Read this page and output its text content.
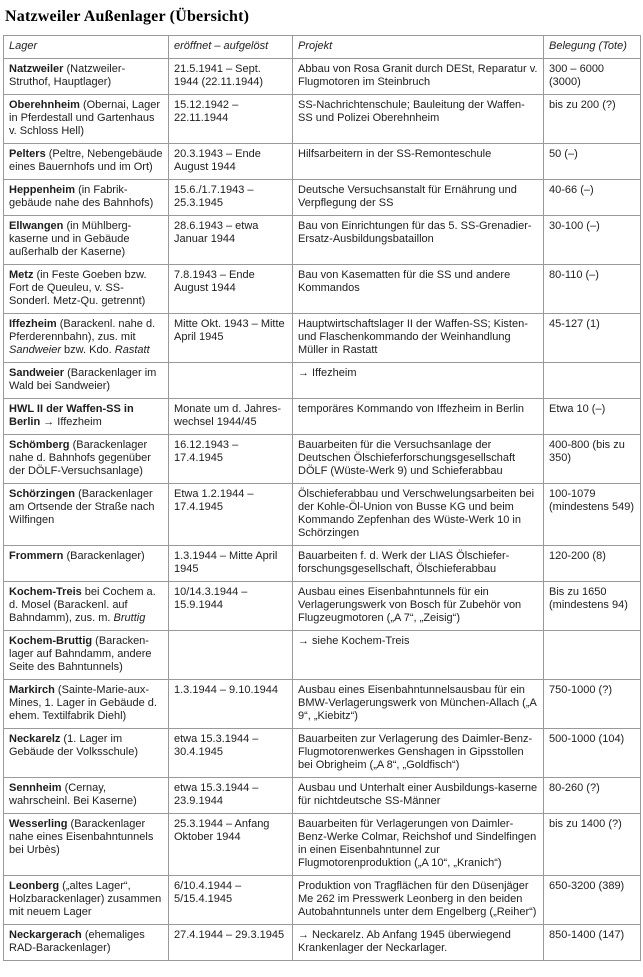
Natzweiler Außenlager (Übersicht)
Lager	eröffnet – aufgelöst	Projekt	Belegung (Tote)
Natzweiler (Natzweiler-Struthof, Hauptlager)	21.5.1941 – Sept. 1944 (22.11.1944)	Abbau von Rosa Granit durch DESt, Reparatur v. Flugmotoren im Steinbruch	300 – 6000 (3000)
Oberehnheim (Obernai, Lager in Pferdestall und Gartenhaus v. Schloss Hell)	15.12.1942 – 22.11.1944	SS-Nachrichtenschule; Bauleitung der Waffen-SS und Polizei Oberehnheim	bis zu 200 (?)
Pelters (Peltre, Nebengebäude eines Bauernhofs und im Ort)	20.3.1943 – Ende August 1944	Hilfsarbeitern in der SS-Remonteschule	50 (–)
Heppenheim (in Fabrik-gebäude nahe des Bahnhofs)	15.6./1.7.1943 – 25.3.1945	Deutsche Versuchsanstalt für Ernährung und Verpflegung der SS	40-66 (–)
Ellwangen (in Mühlberg-kaserne und in Gebäude außerhalb der Kaserne)	28.6.1943 – etwa Januar 1944	Bau von Einrichtungen für das 5. SS-Grenadier-Ersatz-Ausbildungsbataillon	30-100 (–)
Metz (in Feste Goeben bzw. Fort de Queuleu, v. SS-Sonderl. Metz-Qu. getrennt)	7.8.1943 – Ende August 1944	Bau von Kasematten für die SS und andere Kommandos	80-110 (–)
Iffezheim (Barackenl. nahe d. Pferderennbahn), zus. mit Sandweier bzw. Kdo. Rastatt	Mitte Okt. 1943 – Mitte April 1945	Hauptwirtschaftslager II der Waffen-SS; Kisten- und Flaschenkommando der Weinhandlung Müller in Rastatt	45-127 (1)
Sandweier (Barackenlager im Wald bei Sandweier)		→ Iffezheim	
HWL II der Waffen-SS in Berlin → Iffezheim	Monate um d. Jahres-wechsel 1944/45	temporäres Kommando von Iffezheim in Berlin	Etwa 10 (–)
Schömberg (Barackenlager nahe d. Bahnhofs gegenüber der DÖLF-Versuchsanlage)	16.12.1943 – 17.4.1945	Bauarbeiten für die Versuchsanlage der Deutschen Ölschieferforschungsgesellschaft DÖLF (Wüste-Werk 9) und Schieferabbau	400-800 (bis zu 350)
Schörzingen (Barackenlager am Ortsende der Straße nach Wilfingen	Etwa 1.2.1944 – 17.4.1945	Ölschieferabbau und Verschwelungsarbeiten bei der Kohle-Öl-Union von Busse KG und beim Kommando Zepfenhan des Wüste-Werk 10 in Schörzingen	100-1079 (mindestens 549)
Frommern (Barackenlager)	1.3.1944 – Mitte April 1945	Bauarbeiten f. d. Werk der LIAS Ölschiefer-forschungsgesellschaft, Ölschieferabbau	120-200 (8)
Kochem-Treis bei Cochem a. d. Mosel (Barackenl. auf Bahndamm), zus. m. Bruttig	10/14.3.1944 – 15.9.1944	Ausbau eines Eisenbahntunnels für ein Verlagerungswerk von Bosch für Zubehör von Flugzeugmotoren („A 7“, „Zeisig“)	Bis zu 1650 (mindestens 94)
Kochem-Bruttig (Baracken-lager auf Bahndamm, andere Seite des Bahntunnels)		→ siehe Kochem-Treis	
Markirch (Sainte-Marie-aux-Mines, 1. Lager in Gebäude d. ehem. Textilfabrik Diehl)	1.3.1944 – 9.10.1944	Ausbau eines Eisenbahntunnelsausbau für ein BMW-Verlagerungswerk von München-Allach („A 9“, „Kiebitz“)	750-1000 (?)
Neckarelz (1. Lager im Gebäude der Volksschule)	etwa 15.3.1944 – 30.4.1945	Bauarbeiten zur Verlagerung des Daimler-Benz-Flugmotorenwerkes Genshagen in Gipsstollen bei Obrigheim („A 8“, „Goldfisch“)	500-1000 (104)
Sennheim (Cernay, wahrscheinl. Bei Kaserne)	etwa 15.3.1944 – 23.9.1944	Ausbau und Unterhalt einer Ausbildungs-kaserne für nichtdeutsche SS-Männer	80-260 (?)
Wesserling (Barackenlager nahe eines Eisenbahntunnels bei Urbès)	25.3.1944 – Anfang Oktober 1944	Bauarbeiten für Verlagerungen von Daimler-Benz-Werke Colmar, Reichshof und Sindelfingen in einen Eisenbahntunnel zur Flugmotorenproduktion („A 10“, „Kranich“)	bis zu 1400 (?)
Leonberg („altes Lager“, Holzbarackenlager) zusammen mit neuem Lager	6/10.4.1944 – 5/15.4.1945	Produktion von Tragflächen für den Düsenjäger Me 262 im Presswerk Leonberg in den beiden Autobahntunnels unter dem Engelberg („Reiher“)	650-3200 (389)
Neckargerach (ehemaliges RAD-Barackenlager)	27.4.1944 – 29.3.1945	→ Neckarelz. Ab Anfang 1945 überwiegend Krankenlager der Neckarlager.	850-1400 (147)
